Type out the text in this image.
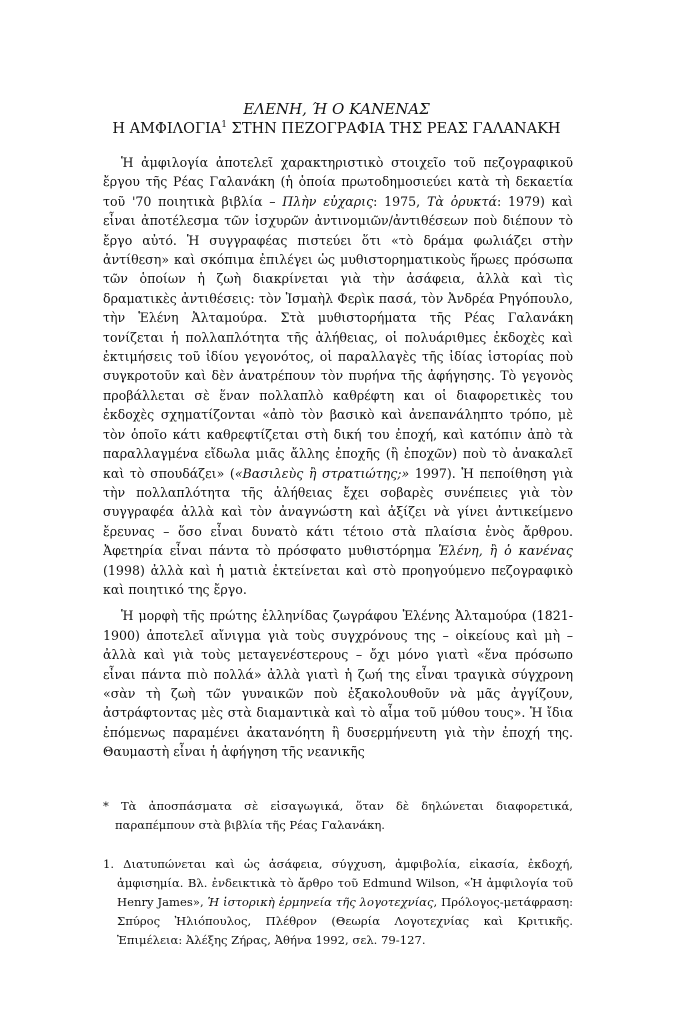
ΕΛΕΝΗ, Ή Ο ΚΑΝΕΝΑΣ
Η ΑΜΦΙΛΟΓΙΑ$^1$ ΣΤΗΝ ΠΕΖΟΓΡΑΦΙΑ ΤΗΣ ΡΕΑΣ ΓΑΛΑΝΑΚΗ

Ἡ ἀμφιλογία ἀποτελεῖ χαρακτηριστικὸ στοιχεῖο τοῦ πεζογραφικοῦ ἔργου τῆς Ρέας Γαλανάκη (ἡ ὁποία πρωτοδημοσιεύει κατὰ τὴ δεκαετία τοῦ '70 ποιητικὰ βιβλία – Πλὴν εὐχαρις: 1975, Τὰ ὀρυκτά: 1979) καὶ εἶναι ἀποτέλεσμα τῶν ἰσχυρῶν ἀντινομιῶν/ἀντιθέσεων ποὺ διέπουν τὸ ἔργο αὐτό. Ἡ συγγραφέας πιστεύει ὅτι «τὸ δράμα φωλιάζει στὴν ἀντίθεση» καὶ σκόπιμα ἐπιλέγει ὡς μυθιστορηματικοὺς ἥρωες πρόσωπα τῶν ὁποίων ἡ ζωὴ διακρίνεται γιὰ τὴν ἀσάφεια, ἀλλὰ καὶ τὶς δραματικὲς ἀντιθέσεις: τὸν Ἰσμαὴλ Φερὶκ πασά, τὸν Ἀνδρέα Ρηγόπουλο, τὴν Ἑλένη Ἀλταμούρα. Στὰ μυθιστορήματα τῆς Ρέας Γαλανάκη τονίζεται ἡ πολλαπλότητα τῆς ἀλήθειας, οἱ πολυάριθμες ἐκδοχὲς καὶ ἐκτιμήσεις τοῦ ἰδίου γεγονότος, οἱ παραλλαγὲς τῆς ἰδίας ἱστορίας ποὺ συγκροτοῦν καὶ δὲν ἀνατρέπουν τὸν πυρήνα τῆς ἀφήγησης. Τὸ γεγονὸς προβάλλεται σὲ ἕναν πολλαπλὸ καθρέφτη και οἱ διαφορετικὲς του ἐκδοχὲς σχηματίζονται «ἀπὸ τὸν βασικὸ καὶ ἀνεπανάληπτο τρόπο, μὲ τὸν ὁποῖο κάτι καθρεφτίζεται στὴ δική του ἐποχή, καὶ κατόπιν ἀπὸ τὰ παραλλαγμένα εἴδωλα μιᾶς ἄλλης ἐποχῆς (ἢ ἐποχῶν) ποὺ τὸ ἀνακαλεῖ καὶ τὸ σπουδάζει» («Βασιλεὺς ἢ στρατιώτης;» 1997). Ἡ πεποίθηση γιὰ τὴν πολλαπλότητα τῆς ἀλήθειας ἔχει σοβαρὲς συνέπειες γιὰ τὸν συγγραφέα ἀλλὰ καὶ τὸν ἀναγνώστη καὶ ἀξίζει νὰ γίνει ἀντικείμενο ἔρευνας – ὅσο εἶναι δυνατὸ κάτι τέτοιο στὰ πλαίσια ἑνὸς ἄρθρου. Ἀφετηρία εἶναι πάντα τὸ πρόσφατο μυθιστόρημα Ἑλένη, ἢ ὁ κανένας (1998) ἀλλὰ καὶ ἡ ματιὰ ἐκτείνεται καὶ στὸ προηγούμενο πεζογραφικὸ καὶ ποιητικό της ἔργο.

Ἡ μορφὴ τῆς πρώτης ἑλληνίδας ζωγράφου Ἑλένης Ἀλταμούρα (1821-1900) ἀποτελεῖ αἴνιγμα γιὰ τοὺς συγχρόνους της – οἰκείους καὶ μὴ – ἀλλὰ καὶ γιὰ τοὺς μεταγενέστερους – ὄχι μόνο γιατὶ «ἕνα πρόσωπο εἶναι πάντα πιὸ πολλά» ἀλλὰ γιατὶ ἡ ζωή της εἶναι τραγικὰ σύγχρονη «σὰν τὴ ζωὴ τῶν γυναικῶν ποὺ ἐξακολουθοῦν νὰ μᾶς ἀγγίζουν, ἀστράφτοντας μὲς στὰ διαμαντικὰ καὶ τὸ αἷμα τοῦ μύθου τους». Ἡ ἴδια ἐπόμενως παραμένει ἀκατανόητη ἢ δυσερμήνευτη γιὰ τὴν ἐποχή της. Θαυμαστὴ εἶναι ἡ ἀφήγηση τῆς νεανικῆς

* Τὰ ἀποσπάσματα σὲ εἰσαγωγικά, ὅταν δὲ δηλώνεται διαφορετικά, παραπέμπουν στὰ βιβλία τῆς Ρέας Γαλανάκη.
1. Διατυπώνεται καὶ ὡς ἀσάφεια, σύγχυση, ἀμφιβολία, εἰκασία, ἐκδοχή, ἀμφισημία. Βλ. ἐνδεικτικὰ τὸ ἄρθρο τοῦ Edmund Wilson, «Ἡ ἀμφιλογία τοῦ Henry James», Ἡ ἱστορικὴ ἑρμηνεία τῆς λογοτεχνίας, Πρόλογος-μετάφραση: Σπύρος Ἠλιόπουλος, Πλέθρον (Θεωρία Λογοτεχνίας καὶ Κριτικῆς. Ἐπιμέλεια: Ἀλέξης Ζήρας, Ἀθήνα 1992, σελ. 79-127.
